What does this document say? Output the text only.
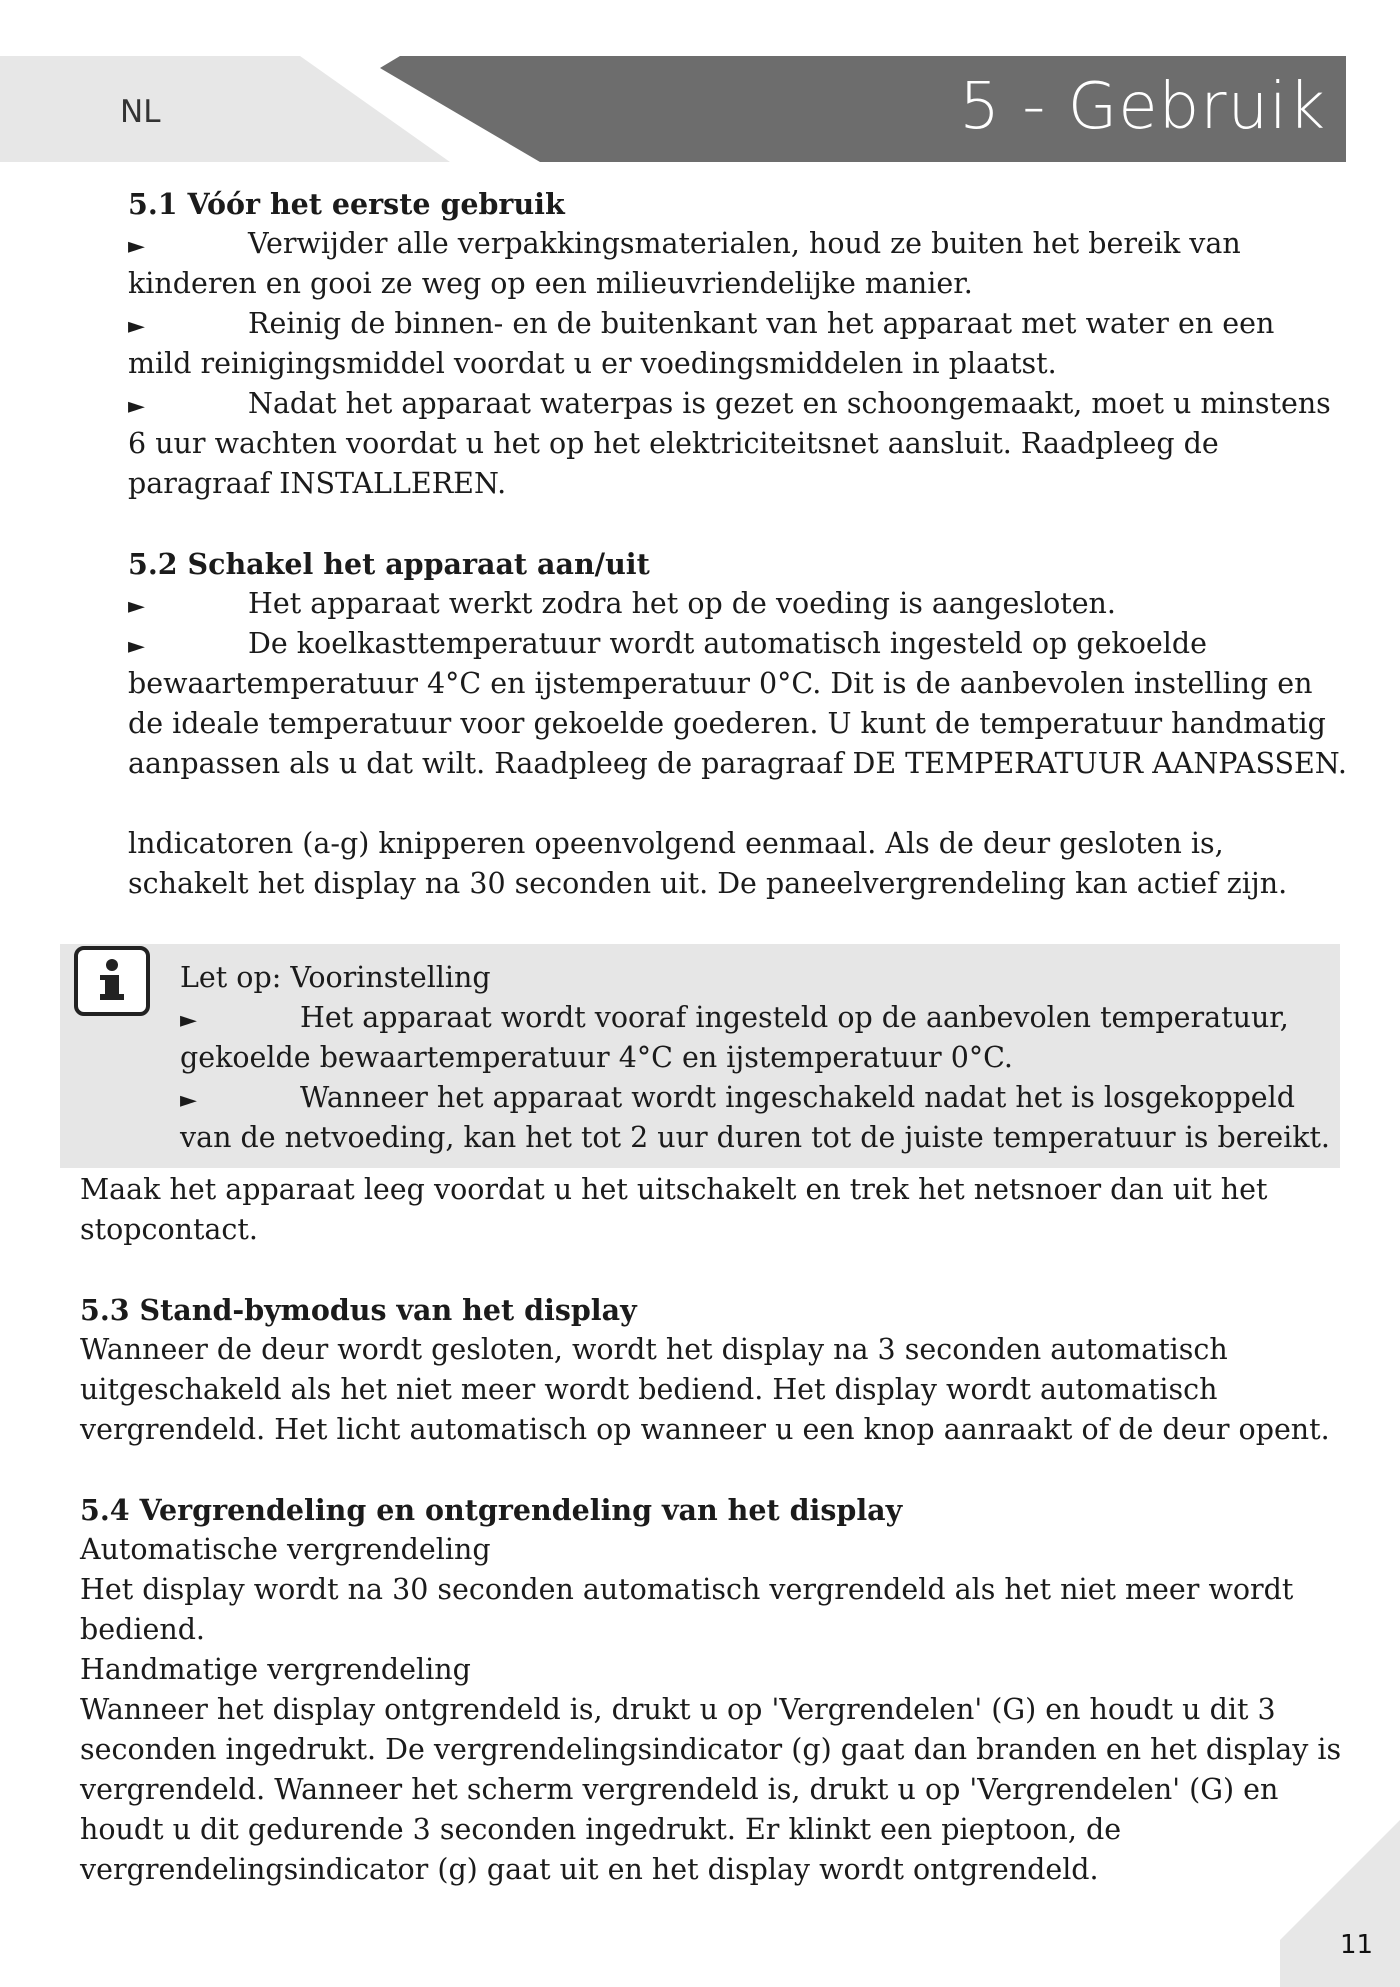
NL	5 - Gebruik

5.1 Vóór het eerste gebruik

►	Verwijder alle verpakkingsmaterialen, houd ze buiten het bereik van

kinderen en gooi ze weg op een milieuvriendelijke manier.

►	Reinig de binnen- en de buitenkant van het apparaat met water en een

mild reinigingsmiddel voordat u er voedingsmiddelen in plaatst.

►	Nadat het apparaat waterpas is gezet en schoongemaakt, moet u minstens

6 uur wachten voordat u het op het elektriciteitsnet aansluit. Raadpleeg de

paragraaf INSTALLEREN.

5.2 Schakel het apparaat aan/uit

►	Het apparaat werkt zodra het op de voeding is aangesloten.

►	De koelkasttemperatuur wordt automatisch ingesteld op gekoelde

bewaartemperatuur 4°C en ijstemperatuur 0°C. Dit is de aanbevolen instelling en

de ideale temperatuur voor gekoelde goederen. U kunt de temperatuur handmatig

aanpassen als u dat wilt. Raadpleeg de paragraaf DE TEMPERATUUR AANPASSEN.

lndicatoren (a-g) knipperen opeenvolgend eenmaal. Als de deur gesloten is,

schakelt het display na 30 seconden uit. De paneelvergrendeling kan actief zijn.

Let op: Voorinstelling

►	Het apparaat wordt vooraf ingesteld op de aanbevolen temperatuur,

gekoelde bewaartemperatuur 4°C en ijstemperatuur 0°C.

►	Wanneer het apparaat wordt ingeschakeld nadat het is losgekoppeld

van de netvoeding, kan het tot 2 uur duren tot de juiste temperatuur is bereikt.

Maak het apparaat leeg voordat u het uitschakelt en trek het netsnoer dan uit het

stopcontact.

5.3 Stand-bymodus van het display

Wanneer de deur wordt gesloten, wordt het display na 3 seconden automatisch

uitgeschakeld als het niet meer wordt bediend. Het display wordt automatisch

vergrendeld. Het licht automatisch op wanneer u een knop aanraakt of de deur opent.

5.4 Vergrendeling en ontgrendeling van het display

Automatische vergrendeling

Het display wordt na 30 seconden automatisch vergrendeld als het niet meer wordt

bediend.

Handmatige vergrendeling

Wanneer het display ontgrendeld is, drukt u op 'Vergrendelen' (G) en houdt u dit 3

seconden ingedrukt. De vergrendelingsindicator (g) gaat dan branden en het display is

vergrendeld. Wanneer het scherm vergrendeld is, drukt u op 'Vergrendelen' (G) en

houdt u dit gedurende 3 seconden ingedrukt. Er klinkt een pieptoon, de

vergrendelingsindicator (g) gaat uit en het display wordt ontgrendeld.

11
